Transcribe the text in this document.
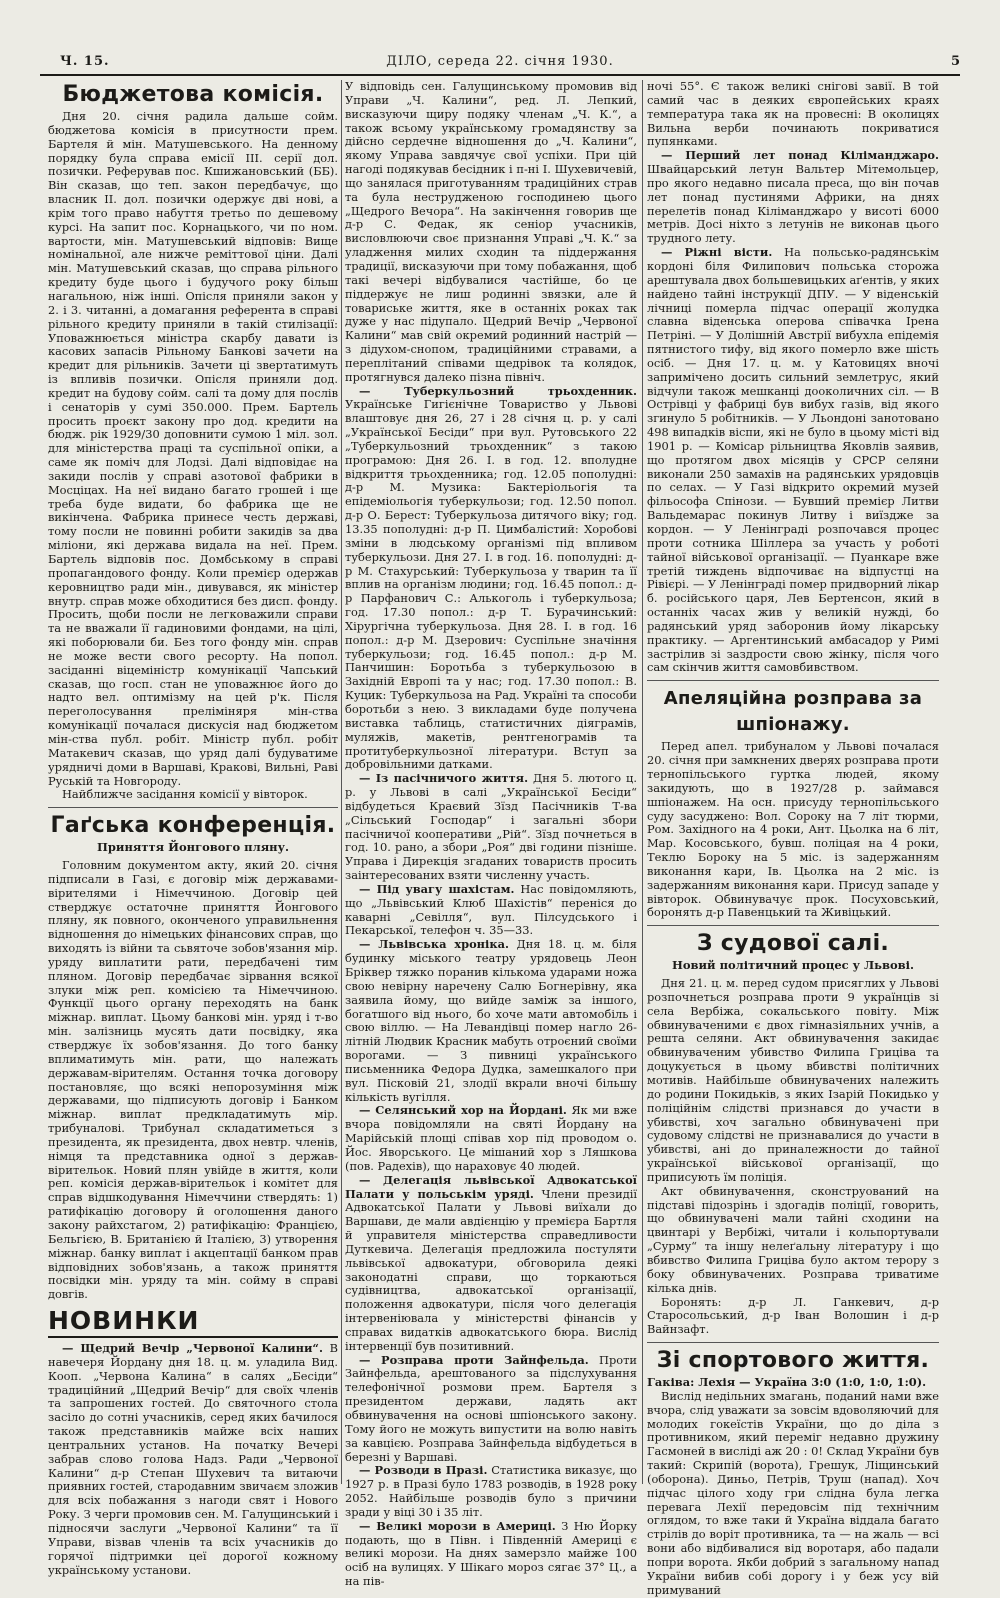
Ч. 15.	ДІЛО, середа 22. січня 1930.	5
Бюджетова комісія.

Дня 20. січня радила дальше сойм. бюджетова комісія в присутности прем. Бартеля й мін. Матушевського. На денному порядку була справа емісії III. серії дол. позички. Реферував пос. Кшижановський (ББ). Він сказав, що теп. закон передбачує, що власник II. дол. позички одержує дві нові, а крім того право набуття третьо по дешевому курсі. На запит пос. Корнацького, чи по ном. вартости, мін. Матушевський відповів: Вище номінальної, але нижче реміттової ціни. Далі мін. Матушевський сказав, що справа рільного кредиту буде цього і будучого року більш нагальною, ніж інші. Опісля приняли закон у 2. і 3. читанні, а домагання референта в справі рільного кредиту приняли в такій стилізації: Уповажнюється міністра скарбу давати із касових запасів Рільному Банкові зачети на кредит для рільників. Зачети ці звертатимуть із впливів позички. Опісля приняли дод. кредит на будову сойм. салі та дому для послів і сенаторів у сумі 350.000. Прем. Бартель просить проєкт закону про дод. кредити на бюдж. рік 1929/30 доповнити сумою 1 міл. зол. для міністерства праці та суспільної опіки, а саме як поміч для Лодзі. Далі відповідає на закиди послів у справі азотової фабрики в Мосціцах. На неї видано багато грошей і ще треба буде видати, бо фабрика ще не викінчена. Фабрика принесе честь державі, тому посли не повинні робити закидів за два міліони, які держава видала на неї. Прем. Бартель відповів пос. Домбському в справі пропагандового фонду. Коли премієр одержав керовництво ради мін., дивувався, як міністер внутр. справ може обходитися без дисп. фонду. Просить, щоби посли не легковажили справи та не вважали її гадиновими фондами, на цілі, які поборювали би. Без того фонду мін. справ не може вести свого ресорту. На попол. засіданні віцеміністр комунікації Чапський сказав, що госп. стан не уповажнює його до надто вел. оптимізму на цей р'к. Після переголосування преліміняря мін-ства комунікації почалася дискусія над бюджетом мін-ства публ. робіт. Міністр публ. робіт Матакевич сказав, що уряд далі будуватиме урядничі доми в Варшаві, Кракові, Вильні, Раві Руській та Новгороду.

Найближче засідання комісії у вівторок.

Гаґська конференція.
Приняття Йонгового пляну.

Головним документом акту, який 20. січня підписали в Газі, є договір між державами-вірителями і Німеччиною. Договір цей стверджує остаточне приняття Йонгового пляну, як повного, оконченого управильнення відношення до німецьких фінансових справ, що виходять із війни та сьвяточе зобов'язання мір. уряду виплатити рати, передбачені тим пляном. Договір передбачає зірвання всякої злуки між реп. комісією та Німеччиною. Функції цього органу переходять на банк міжнар. виплат. Цьому банкові мін. уряд і т-во мін. залізниць мусять дати посвідку, яка стверджує їх зобов'язання. До того банку вплиматимуть мін. рати, що належать державам-вірителям. Остання точка договору постановляє, що всякі непорозуміння між державами, що підписують договір і Банком міжнар. виплат предкладатимуть мір. трибуналові. Трибунал складатиметься з президента, як президента, двох невтр. членів, німця та представника одної з держав-вірительок. Новий плян увійде в життя, коли реп. комісія держав-вірительок і комітет для справ відшкодування Німеччини ствердять: 1) ратифікацію договору й оголошення даного закону райхстагом, 2) ратифікацію: Францією, Бельгією, В. Британією й Італією, 3) утворення міжнар. банку виплат і акцептації банком прав відповідних зобов'язань, а також приняття посвідки мін. уряду та мін. сойму в справі довгів.

НОВИНКИ

— Щедрий Вечір „Червоної Калини“. В навечеря Йордану дня 18. ц. м. уладила Вид. Кооп. „Червона Калина“ в салях „Бесіди“ традиційний „Щедрий Вечір“ для своїх членів та запрошених гостей. До святочного стола засіло до сотні учасників, серед яких бачилося також представників майже всіх наших центральних установ. На початку Вечері забрав слово голова Надз. Ради „Червоної Калини“ д-р Степан Шухевич та витаючи приявних гостей, стародавним звичаєм зложив для всіх побажання з нагоди свят і Нового Року. З черги промовив сен. М. Галущинський і підносячи заслуги „Червоної Калини“ та її Управи, візвав членів та всіх учасників до горячої підтримки цеї дорогої кожному українському установи.

У відповідь сен. Галущинському промовив від Управи „Ч. Калини“, ред. Л. Лепкий, висказуючи щиру подяку членам „Ч. К.“, а також всьому українському громадянству за дійсно сердечне відношення до „Ч. Калини“, якому Управа завдячує свої успіхи. При цій нагоді подякував бесідник і п-ні І. Шухевичевій, що занялася приготуванням традиційних страв та була неструдженою господинею цього „Щедрого Вечора“. На закінчення говорив ще д-р С. Федак, як сеніор учасників, висловлюючи своє признання Управі „Ч. К.“ за уладження милих сходин та піддержання традиції, висказуючи при тому побажання, щоб такі вечері відбувалися частійше, бо це піддержує не лиш родинні звязки, але й товариське життя, яке в останніх роках так дуже у нас підупало. Щедрий Вечір „Червоної Калини“ мав свій окремий родинний настрій — з дідухом-снопом, традиційними стравами, а переплітаний співами щедрівок та колядок, протягнувся далеко пізна північ.

— Туберкульозний трьохденник. Українське Гигієнічне Товариство у Львові влаштовує дня 26, 27 і 28 січня ц. р. у салі „Української Бесіди“ при вул. Рутовського 22 „Туберкульозний трьохденник“ з такою програмою: Дня 26. І. в год. 12. вполудне відкриття трьохденника; год. 12.05 пополудні: д-р М. Музика: Бактеріольогія та епідеміольогія туберкульози; год. 12.50 попол. д-р О. Берест: Туберкульоза дитячого віку; год. 13.35 пополудні: д-р П. Цимбалістий: Хоробові зміни в людському організмі під впливом туберкульози. Дня 27. І. в год. 16. пополудні: д-р М. Стахурський: Туберкульоза у тварин та її вплив на організм людини; год. 16.45 попол.: д-р Парфанович С.: Алькоголь і туберкульоза; год. 17.30 попол.: д-р Т. Бурачинський: Хірургічна туберкульоза. Дня 28. І. в год. 16 попол.: д-р М. Дзерович: Суспільне значіння туберкульози; год. 16.45 попол.: д-р М. Панчишин: Боротьба з туберкульозою в Західній Европі та у нас; год. 17.30 попол.: В. Куцик: Туберкульоза на Рад. Україні та способи боротьби з нею. З викладами буде получена виставка таблиць, статистичних діяграмів, муляжів, макетів, рентгенограмів та протитуберкульозної літератури. Вступ за добровільними датками.

— Із пасічничого життя. Дня 5. лютого ц. р. у Львові в салі „Української Бесіди“ відбудеться Краєвий Зїзд Пасічників Т-ва „Сільський Господар“ і загальні збори пасічничої кооперативи „Рій“. Зїзд почнеться в год. 10. рано, а збори „Роя“ дві години пізніше. Управа і Дирекція згаданих товариств просить заінтересованих взяти численну участь.

— Під увагу шахістам. Нас повідомляють, що „Львівський Клюб Шахістів“ переніся до каварні „Севілля“, вул. Пілсудського і Пекарської, телефон ч. 35—33.

— Львівська хроніка. Дня 18. ц. м. біля будинку міського театру урядовець Леон Бріквер тяжко поранив кількома ударами ножа свою невірну наречену Салю Богнерівну, яка заявила йому, що вийде заміж за іншого, богатшого від нього, бо хоче мати автомобіль і свою віллю. — На Левандівці помер нагло 26-літній Людвик Красник мабуть отроєний своїми ворогами. — З пивниці українського письменника Федора Дудка, замешкалого при вул. Пісковій 21, злодії вкрали вночі більшу кількість вугілля.

— Селянський хор на Йордані. Як ми вже вчора повідомляли на святі Йордану на Марійській площі співав хор під проводом о. Йос. Яворського. Це мішаний хор з Ляшкова (пов. Радехів), що нараховує 40 людей.

— Делегація львівської Адвокатської Палати у польськім уряді. Члени президії Адвокатської Палати у Львові виїхали до Варшави, де мали авдієнцію у премієра Бартля й управителя міністерства справедливости Дуткевича. Делегація предложила постуляти львівської адвокатури, обговорила деякі законодатні справи, що торкаються судівництва, адвокатської організації, положення адвокатури, після чого делегація інтервеніювала у міністерстві фінансів у справах видатків адвокатського бюра. Вислід інтервенції був позитивний.

— Розправа проти Зайнфельда. Проти Зайнфельда, арештованого за підслухування телефонічної розмови прем. Бартеля з президентом держави, ладять акт обвинувачення на основі шпіонського закону. Тому його не можуть випустити на волю навіть за кавцією. Розправа Зайнфельда відбудеться в березні у Варшаві.

— Розводи в Празі. Статистика виказує, що 1927 р. в Празі було 1783 розводів, в 1928 року 2052. Найбільше розводів було з причини зради у віці 30 і 35 літ.

— Великі морози в Америці. З Ню Йорку подають, що в Півн. і Південній Америці є великі морози. На днях замерзло майже 100 осіб на вулицях. У Шікаго мороз сягає 37° Ц., а на пів-

ночі 55°. Є також великі снігові завії. В той самий час в деяких європейських краях температура така як на провесні: В околицях Вильна верби починають покриватися пупянками.

— Перший лет понад Кіліманджаро. Швайцарський летун Вальтер Мітемольцер, про якого недавно писала преса, що він почав лет понад пустинями Африки, на днях перелетів понад Кіліманджаро у висоті 6000 метрів. Досі ніхто з летунів не виконав цього трудного лету.

— Ріжні вісти. На польсько-радянськім кордоні біля Филипович польська сторожа арештувала двох большевицьких аґентів, у яких найдено тайні інструкції ДПУ. — У віденській лічниці померла підчас операції жолудка славна віденська оперова співачка Ірена Петріні. — У Долішній Австрії вибухла епідемія пятнистого тифу, від якого померло вже шість осіб. — Дня 17. ц. м. у Катовицях вночі запримічено досить сильний землетрус, який відчули також мешканці дооколичних сіл. — В Острівці у фабриці був вибух газів, від якого згинуло 5 робітників. — У Льондоні занотовано 498 випадків віспи, які не було в цьому місті від 1901 р. — Комісар рільництва Яковлів заявив, що протягом двох місяців у СРСР селяни виконали 250 замахів на радянських урядовців по селах. — У Газі відкрито окремий музей фільософа Спінози. — Бувший премієр Литви Вальдемарас покинув Литву і виїздже за кордон. — У Ленінграді розпочався процес проти сотника Шіллера за участь у роботі тайної військової організації. — Пуанкаре вже третій тиждень відпочиває на відпустці на Рівієрі. — У Ленінграді помер придворний лікар б. російського царя, Лев Бертенсон, який в останніх часах жив у великій нужді, бо радянський уряд заборонив йому лікарську практику. — Аргентинський амбасадор у Римі застрілив зі заздрости свою жінку, після чого сам скінчив життя самовбивством.

Апеляційна розправа за шпіонажу.

Перед апел. трибуналом у Львові почалася 20. січня при замкнених дверях розправа проти тернопільського гуртка людей, якому закидують, що в 1927/28 р. займався шпіонажем. На осн. присуду тернопільського суду засуджено: Вол. Сороку на 7 літ тюрми, Ром. Західного на 4 роки, Ант. Цьолка на 6 літ, Мар. Косовського, бувш. поліцая на 4 роки, Теклю Бороку на 5 міс. із задержанням виконання кари, Ів. Цьолка на 2 міс. із задержанням виконання кари. Присуд западе у вівторок. Обвинувачує прок. Посуховський, боронять д-р Павенцький та Живіцький.

З судової салі.
Новий політичний процес у Львові.

Дня 21. ц. м. перед судом присяглих у Львові розпочнеться розправа проти 9 українців зі села Вербіжа, сокальського повіту. Між обвинуваченими є двох гімназіяльних учнів, а решта селяни. Акт обвинувачення закидає обвинуваченим убивство Филипа Гриціва та доцукується в цьому вбивстві політичних мотивів. Найбільше обвинувачених належить до родини Покидьків, з яких Ізарій Покидько у поліційнім слідстві признався до участи в убивстві, хоч загально обвинувачені при судовому слідстві не признавалися до участи в убивстві, ані до приналежности до тайної української військової організації, що приписують їм поліція.

Акт обвинувачення, сконструований на підставі підозрінь і здогадів поліції, говорить, що обвинувачені мали тайні сходини на цвинтарі у Вербіжі, читали і кольпортували „Сурму“ та іншу нелеґальну літературу і що вбивство Филипа Гриціва було актом терору з боку обвинувачених. Розправа триватиме кілька днів.

Боронять: д-р Л. Ганкевич, д-р Старосольський, д-р Іван Волошин і д-р Вайнзафт.

Зі спортового життя.

Гаківа: Лехія — Україна 3:0 (1:0, 1:0, 1:0).

Вислід недільних змагань, поданий нами вже вчора, слід уважати за зовсім вдоволяючий для молодих гокеїстів України, що до діла з противником, який переміг недавно дружину Гасмоней в висліді аж 20 : 0! Склад України був такий: Скрипій (ворота), Грешук, Ліщинський (оборона). Диньо, Петрів, Труш (напад). Хоч підчас цілого ходу гри слідна була легка перевага Лехії передовсім під технічним оглядом, то вже таки й Україна віддала багато стрілів до воріт противника, та — на жаль — всі вони або відбивалися від воротаря, або падали попри ворота. Якби добрий з загальному напад України вибив собі дорогу і у беж усу вій примуваний
